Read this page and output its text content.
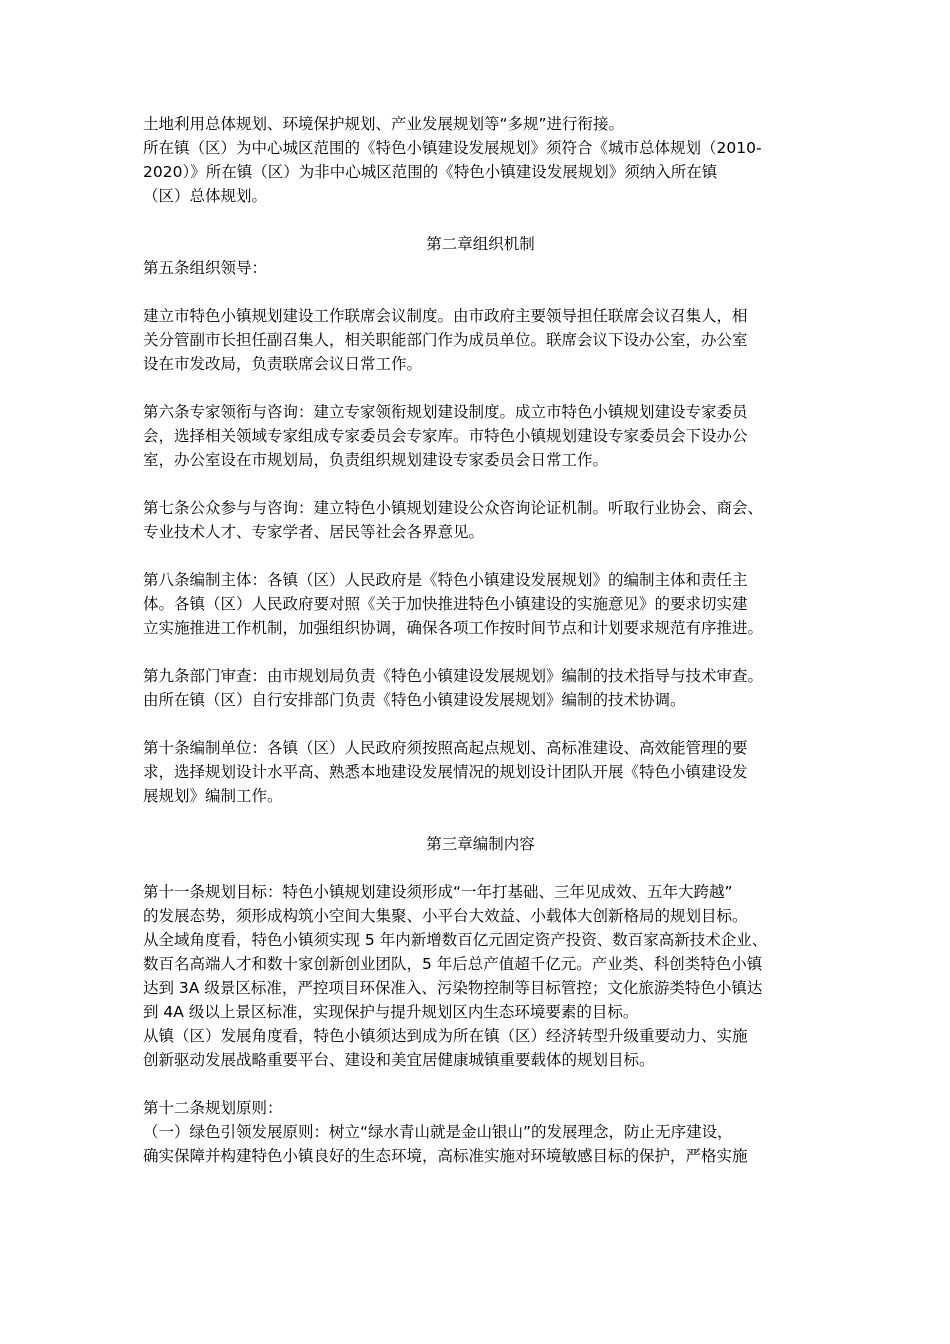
土地利用总体规划、环境保护规划、产业发展规划等“多规”进行衔接。
所在镇（区）为中心城区范围的《特色小镇建设发展规划》须符合《城市总体规划（2010-
2020）》所在镇（区）为非中心城区范围的《特色小镇建设发展规划》须纳入所在镇
（区）总体规划。
第二章组织机制
第五条组织领导：
建立市特色小镇规划建设工作联席会议制度。由市政府主要领导担任联席会议召集人，相
关分管副市长担任副召集人，相关职能部门作为成员单位。联席会议下设办公室，办公室
设在市发改局，负责联席会议日常工作。
第六条专家领衔与咨询：建立专家领衔规划建设制度。成立市特色小镇规划建设专家委员
会，选择相关领域专家组成专家委员会专家库。市特色小镇规划建设专家委员会下设办公
室，办公室设在市规划局，负责组织规划建设专家委员会日常工作。
第七条公众参与与咨询：建立特色小镇规划建设公众咨询论证机制。听取行业协会、商会、
专业技术人才、专家学者、居民等社会各界意见。
第八条编制主体：各镇（区）人民政府是《特色小镇建设发展规划》的编制主体和责任主
体。各镇（区）人民政府要对照《关于加快推进特色小镇建设的实施意见》的要求切实建
立实施推进工作机制，加强组织协调，确保各项工作按时间节点和计划要求规范有序推进。
第九条部门审查：由市规划局负责《特色小镇建设发展规划》编制的技术指导与技术审查。
由所在镇（区）自行安排部门负责《特色小镇建设发展规划》编制的技术协调。
第十条编制单位：各镇（区）人民政府须按照高起点规划、高标准建设、高效能管理的要
求，选择规划设计水平高、熟悉本地建设发展情况的规划设计团队开展《特色小镇建设发
展规划》编制工作。
第三章编制内容
第十一条规划目标：特色小镇规划建设须形成“一年打基础、三年见成效、五年大跨越”
的发展态势，须形成构筑小空间大集聚、小平台大效益、小载体大创新格局的规划目标。
从全域角度看，特色小镇须实现 5 年内新增数百亿元固定资产投资、数百家高新技术企业、
数百名高端人才和数十家创新创业团队，5 年后总产值超千亿元。产业类、科创类特色小镇
达到 3A 级景区标准，严控项目环保准入、污染物控制等目标管控；文化旅游类特色小镇达
到 4A 级以上景区标准，实现保护与提升规划区内生态环境要素的目标。
从镇（区）发展角度看，特色小镇须达到成为所在镇（区）经济转型升级重要动力、实施
创新驱动发展战略重要平台、建设和美宜居健康城镇重要载体的规划目标。
第十二条规划原则：
（一）绿色引领发展原则：树立“绿水青山就是金山银山”的发展理念，防止无序建设，
确实保障并构建特色小镇良好的生态环境，高标准实施对环境敏感目标的保护，严格实施
